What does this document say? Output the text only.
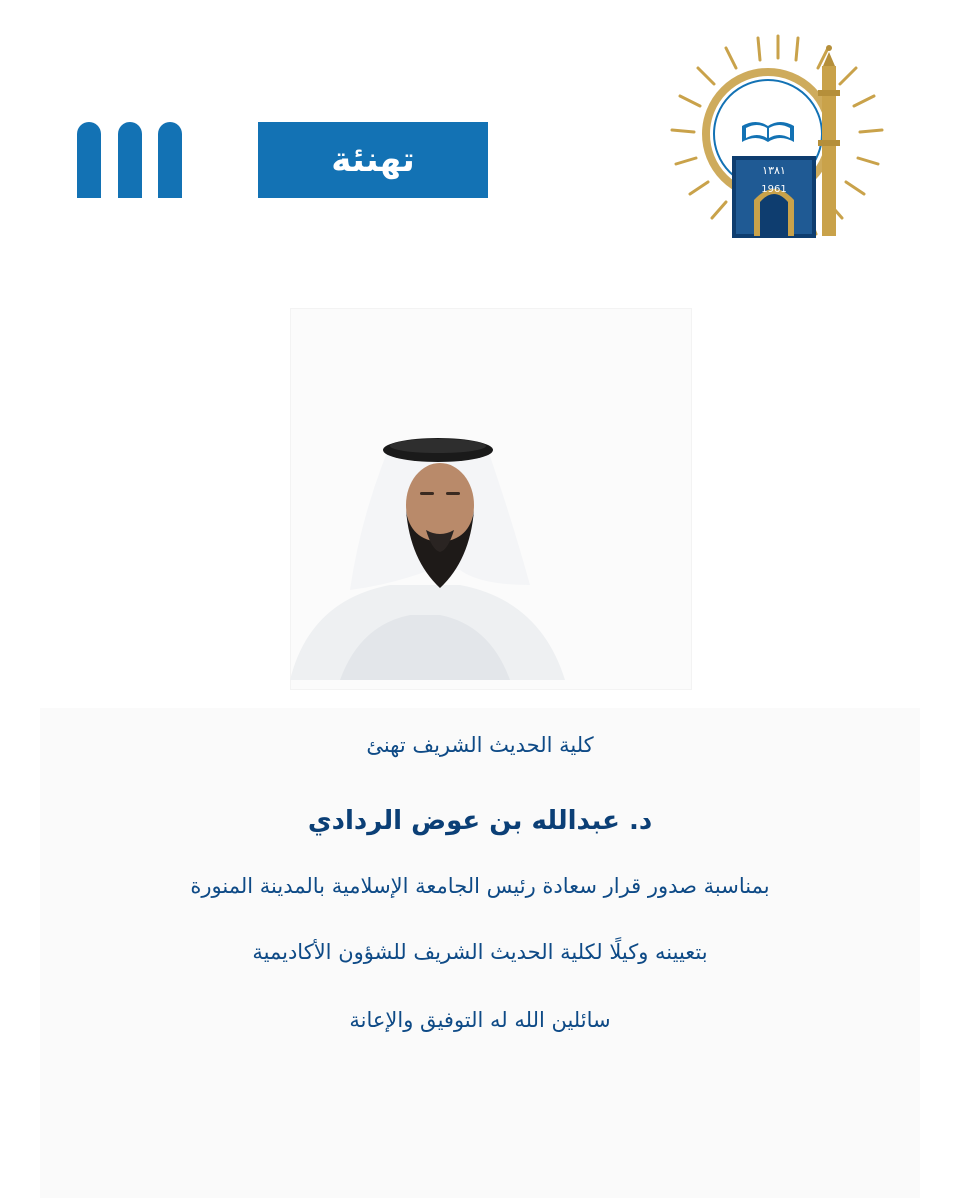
تهنئة	١٣٨١
1961
كلية الحديث الشريف تهنئ
د. عبدالله بن عوض الردادي
بمناسبة صدور قرار سعادة رئيس الجامعة الإسلامية بالمدينة المنورة
بتعيينه وكيلًا لكلية الحديث الشريف للشؤون الأكاديمية
سائلين الله له التوفيق والإعانة
